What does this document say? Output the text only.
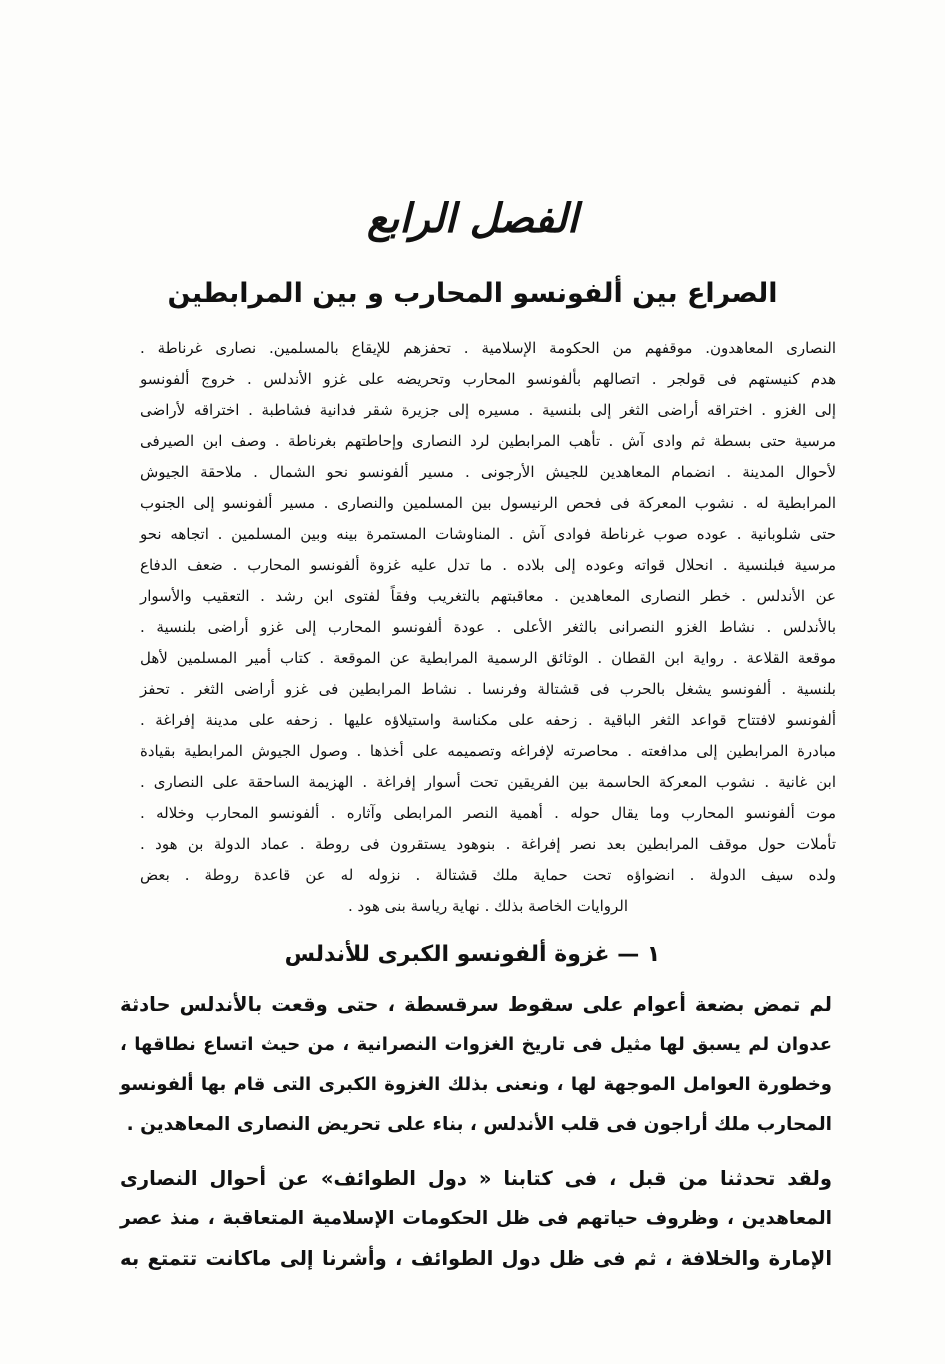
الفصل الرابع
الصراع بين ألفونسو المحارب و بين المرابطين
النصارى المعاهدون. موقفهم من الحكومة الإسلامية . تحفزهم للإيقاع بالمسلمين. نصارى غرناطة .
هدم كنيستهم فى قولجر . اتصالهم بألفونسو المحارب وتحريضه على غزو الأندلس . خروج ألفونسو
إلى الغزو . اختراقه أراضى الثغر إلى بلنسية . مسيره إلى جزيرة شقر فدانية فشاطبة . اختراقه لأراضى
مرسية حتى بسطة ثم وادى آش . تأهب المرابطين لرد النصارى وإحاطتهم بغرناطة . وصف ابن الصيرفى
لأحوال المدينة . انضمام المعاهدين للجيش الأرجونى . مسير ألفونسو نحو الشمال . ملاحقة الجيوش
المرابطية له . نشوب المعركة فى فحص الرنيسول بين المسلمين والنصارى . مسير ألفونسو إلى الجنوب
حتى شلوبانية . عوده صوب غرناطة فوادى آش . المناوشات المستمرة بينه وبين المسلمين . اتجاهه نحو
مرسية فبلنسية . انحلال قواته وعوده إلى بلاده . ما تدل عليه غزوة ألفونسو المحارب . ضعف الدفاع
عن الأندلس . خطر النصارى المعاهدين . معاقبتهم بالتغريب وفقاً لفتوى ابن رشد . التعقيب والأسوار
بالأندلس . نشاط الغزو النصرانى بالثغر الأعلى . عودة ألفونسو المحارب إلى غزو أراضى بلنسية .
موقعة القلاعة . رواية ابن القطان . الوثائق الرسمية المرابطية عن الموقعة . كتاب أمير المسلمين لأهل
بلنسية . ألفونسو يشغل بالحرب فى قشتالة وفرنسا . نشاط المرابطين فى غزو أراضى الثغر . تحفز
ألفونسو لافتتاح قواعد الثغر الباقية . زحفه على مكناسة واستيلاؤه عليها . زحفه على مدينة إفراغة .
مبادرة المرابطين إلى مدافعته . محاصرته لإفراغه وتصميمه على أخذها . وصول الجيوش المرابطية بقيادة
ابن غانية . نشوب المعركة الحاسمة بين الفريقين تحت أسوار إفراغة . الهزيمة الساحقة على النصارى .
موت ألفونسو المحارب وما يقال حوله . أهمية النصر المرابطى وآثاره . ألفونسو المحارب وخلاله .
تأملات حول موقف المرابطين بعد نصر إفراغة . بنوهود يستقرون فى روطة . عماد الدولة بن هود .
ولده سيف الدولة . انضواؤه تحت حماية ملك قشتالة . نزوله له عن قاعدة روطة . بعض
الروايات الخاصة بذلك . نهاية رياسة بنى هود .
١ — غزوة ألفونسو الكبرى للأندلس
لم تمض بضعة أعوام على سقوط سرقسطة ، حتى وقعت بالأندلس حادثة
عدوان لم يسبق لها مثيل فى تاريخ الغزوات النصرانية ، من حيث اتساع نطاقها ،
وخطورة العوامل الموجهة لها ، ونعنى بذلك الغزوة الكبرى التى قام بها ألفونسو
المحارب ملك أراجون فى قلب الأندلس ، بناء على تحريض النصارى المعاهدين .
ولقد تحدثنا من قبل ، فى كتابنا « دول الطوائف» عن أحوال النصارى
المعاهدين ، وظروف حياتهم فى ظل الحكومات الإسلامية المتعاقبة ، منذ عصر
الإمارة والخلافة ، ثم فى ظل دول الطوائف ، وأشرنا إلى ماكانت تتمتع به
